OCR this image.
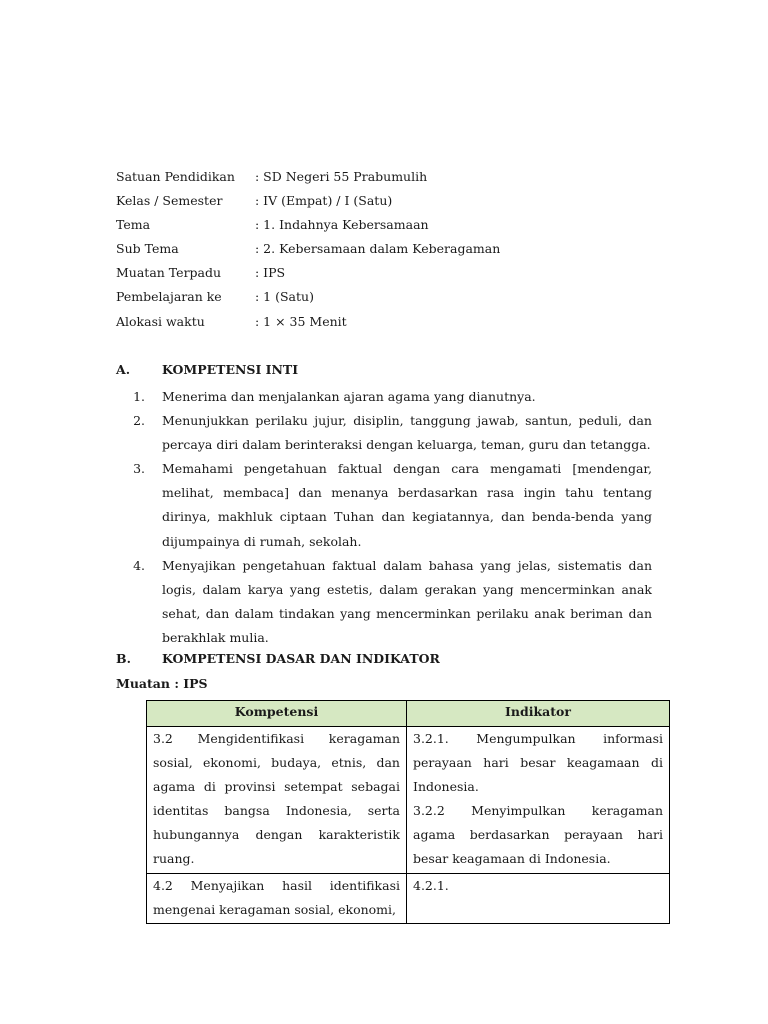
Satuan Pendidikan	: SD Negeri 55 Prabumulih
Kelas / Semester	: IV (Empat) / I (Satu)
Tema	: 1. Indahnya Kebersamaan
Sub Tema	: 2. Kebersamaan dalam Keberagaman
Muatan Terpadu	: IPS
Pembelajaran ke	: 1 (Satu)
Alokasi waktu	: 1 × 35 Menit
A.	KOMPETENSI INTI
1.	Menerima dan menjalankan ajaran agama yang dianutnya.
2.	Menunjukkan perilaku jujur, disiplin, tanggung jawab, santun, peduli, dan percaya diri dalam berinteraksi dengan keluarga, teman, guru dan tetangga.
3.	Memahami pengetahuan faktual dengan cara mengamati [mendengar, melihat, membaca] dan menanya berdasarkan rasa ingin tahu tentang dirinya, makhluk ciptaan Tuhan dan kegiatannya, dan benda-benda yang dijumpainya di rumah, sekolah.
4.	Menyajikan pengetahuan faktual dalam bahasa yang jelas, sistematis dan logis, dalam karya yang estetis, dalam gerakan yang mencerminkan anak sehat, dan dalam tindakan yang mencerminkan perilaku anak beriman dan berakhlak mulia.
B.	KOMPETENSI DASAR DAN INDIKATOR
Muatan : IPS
Kompetensi	Indikator
3.2 Mengidentifikasi keragaman sosial, ekonomi, budaya, etnis, dan agama di provinsi setempat sebagai identitas bangsa Indonesia, serta hubungannya dengan karakteristik ruang.	3.2.1. Mengumpulkan informasi perayaan hari besar keagamaan di Indonesia.
3.2.2 Menyimpulkan keragaman agama berdasarkan perayaan hari besar keagamaan di Indonesia.

4.2 Menyajikan hasil identifikasi mengenai keragaman sosial, ekonomi,	4.2.1.
